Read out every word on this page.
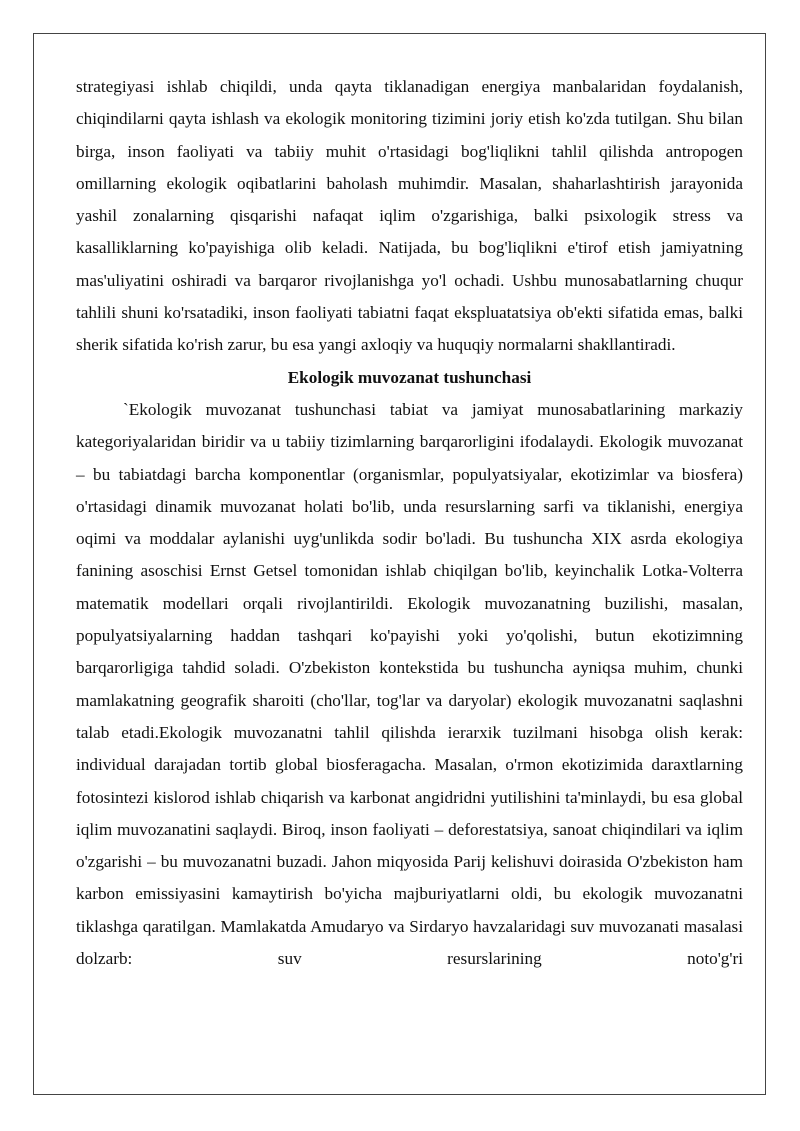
strategiyasi ishlab chiqildi, unda qayta tiklanadigan energiya manbalaridan foydalanish, chiqindilarni qayta ishlash va ekologik monitoring tizimini joriy etish ko'zda tutilgan. Shu bilan birga, inson faoliyati va tabiiy muhit o'rtasidagi bog'liqlikni tahlil qilishda antropogen omillarning ekologik oqibatlarini baholash muhimdir. Masalan, shaharlashtirish jarayonida yashil zonalarning qisqarishi nafaqat iqlim o'zgarishiga, balki psixologik stress va kasalliklarning ko'payishiga olib keladi. Natijada, bu bog'liqlikni e'tirof etish jamiyatning mas'uliyatini oshiradi va barqaror rivojlanishga yo'l ochadi. Ushbu munosabatlarning chuqur tahlili shuni ko'rsatadiki, inson faoliyati tabiatni faqat ekspluatatsiya ob'ekti sifatida emas, balki sherik sifatida ko'rish zarur, bu esa yangi axloqiy va huquqiy normalarni shakllantiradi.

Ekologik muvozanat tushunchasi

`Ekologik muvozanat tushunchasi tabiat va jamiyat munosabatlarining markaziy kategoriyalaridan biridir va u tabiiy tizimlarning barqarorligini ifodalaydi. Ekologik muvozanat – bu tabiatdagi barcha komponentlar (organismlar, populyatsiyalar, ekotizimlar va biosfera) o'rtasidagi dinamik muvozanat holati bo'lib, unda resurslarning sarfi va tiklanishi, energiya oqimi va moddalar aylanishi uyg'unlikda sodir bo'ladi. Bu tushuncha XIX asrda ekologiya fanining asoschisi Ernst Getsel tomonidan ishlab chiqilgan bo'lib, keyinchalik Lotka-Volterra matematik modellari orqali rivojlantirildi. Ekologik muvozanatning buzilishi, masalan, populyatsiyalarning haddan tashqari ko'payishi yoki yo'qolishi, butun ekotizimning barqarorligiga tahdid soladi. O'zbekiston kontekstida bu tushuncha ayniqsa muhim, chunki mamlakatning geografik sharoiti (cho'llar, tog'lar va daryolar) ekologik muvozanatni saqlashni talab etadi.Ekologik muvozanatni tahlil qilishda ierarxik tuzilmani hisobga olish kerak: individual darajadan tortib global biosferagacha. Masalan, o'rmon ekotizimida daraxtlarning fotosintezi kislorod ishlab chiqarish va karbonat angidridni yutilishini ta'minlaydi, bu esa global iqlim muvozanatini saqlaydi. Biroq, inson faoliyati – deforestatsiya, sanoat chiqindilari va iqlim o'zgarishi – bu muvozanatni buzadi. Jahon miqyosida Parij kelishuvi doirasida O'zbekiston ham karbon emissiyasini kamaytirish bo'yicha majburiyatlarni oldi, bu ekologik muvozanatni tiklashga qaratilgan. Mamlakatda Amudaryo va Sirdaryo havzalaridagi suv muvozanati masalasi dolzarb: suv resurslarining noto'g'ri
